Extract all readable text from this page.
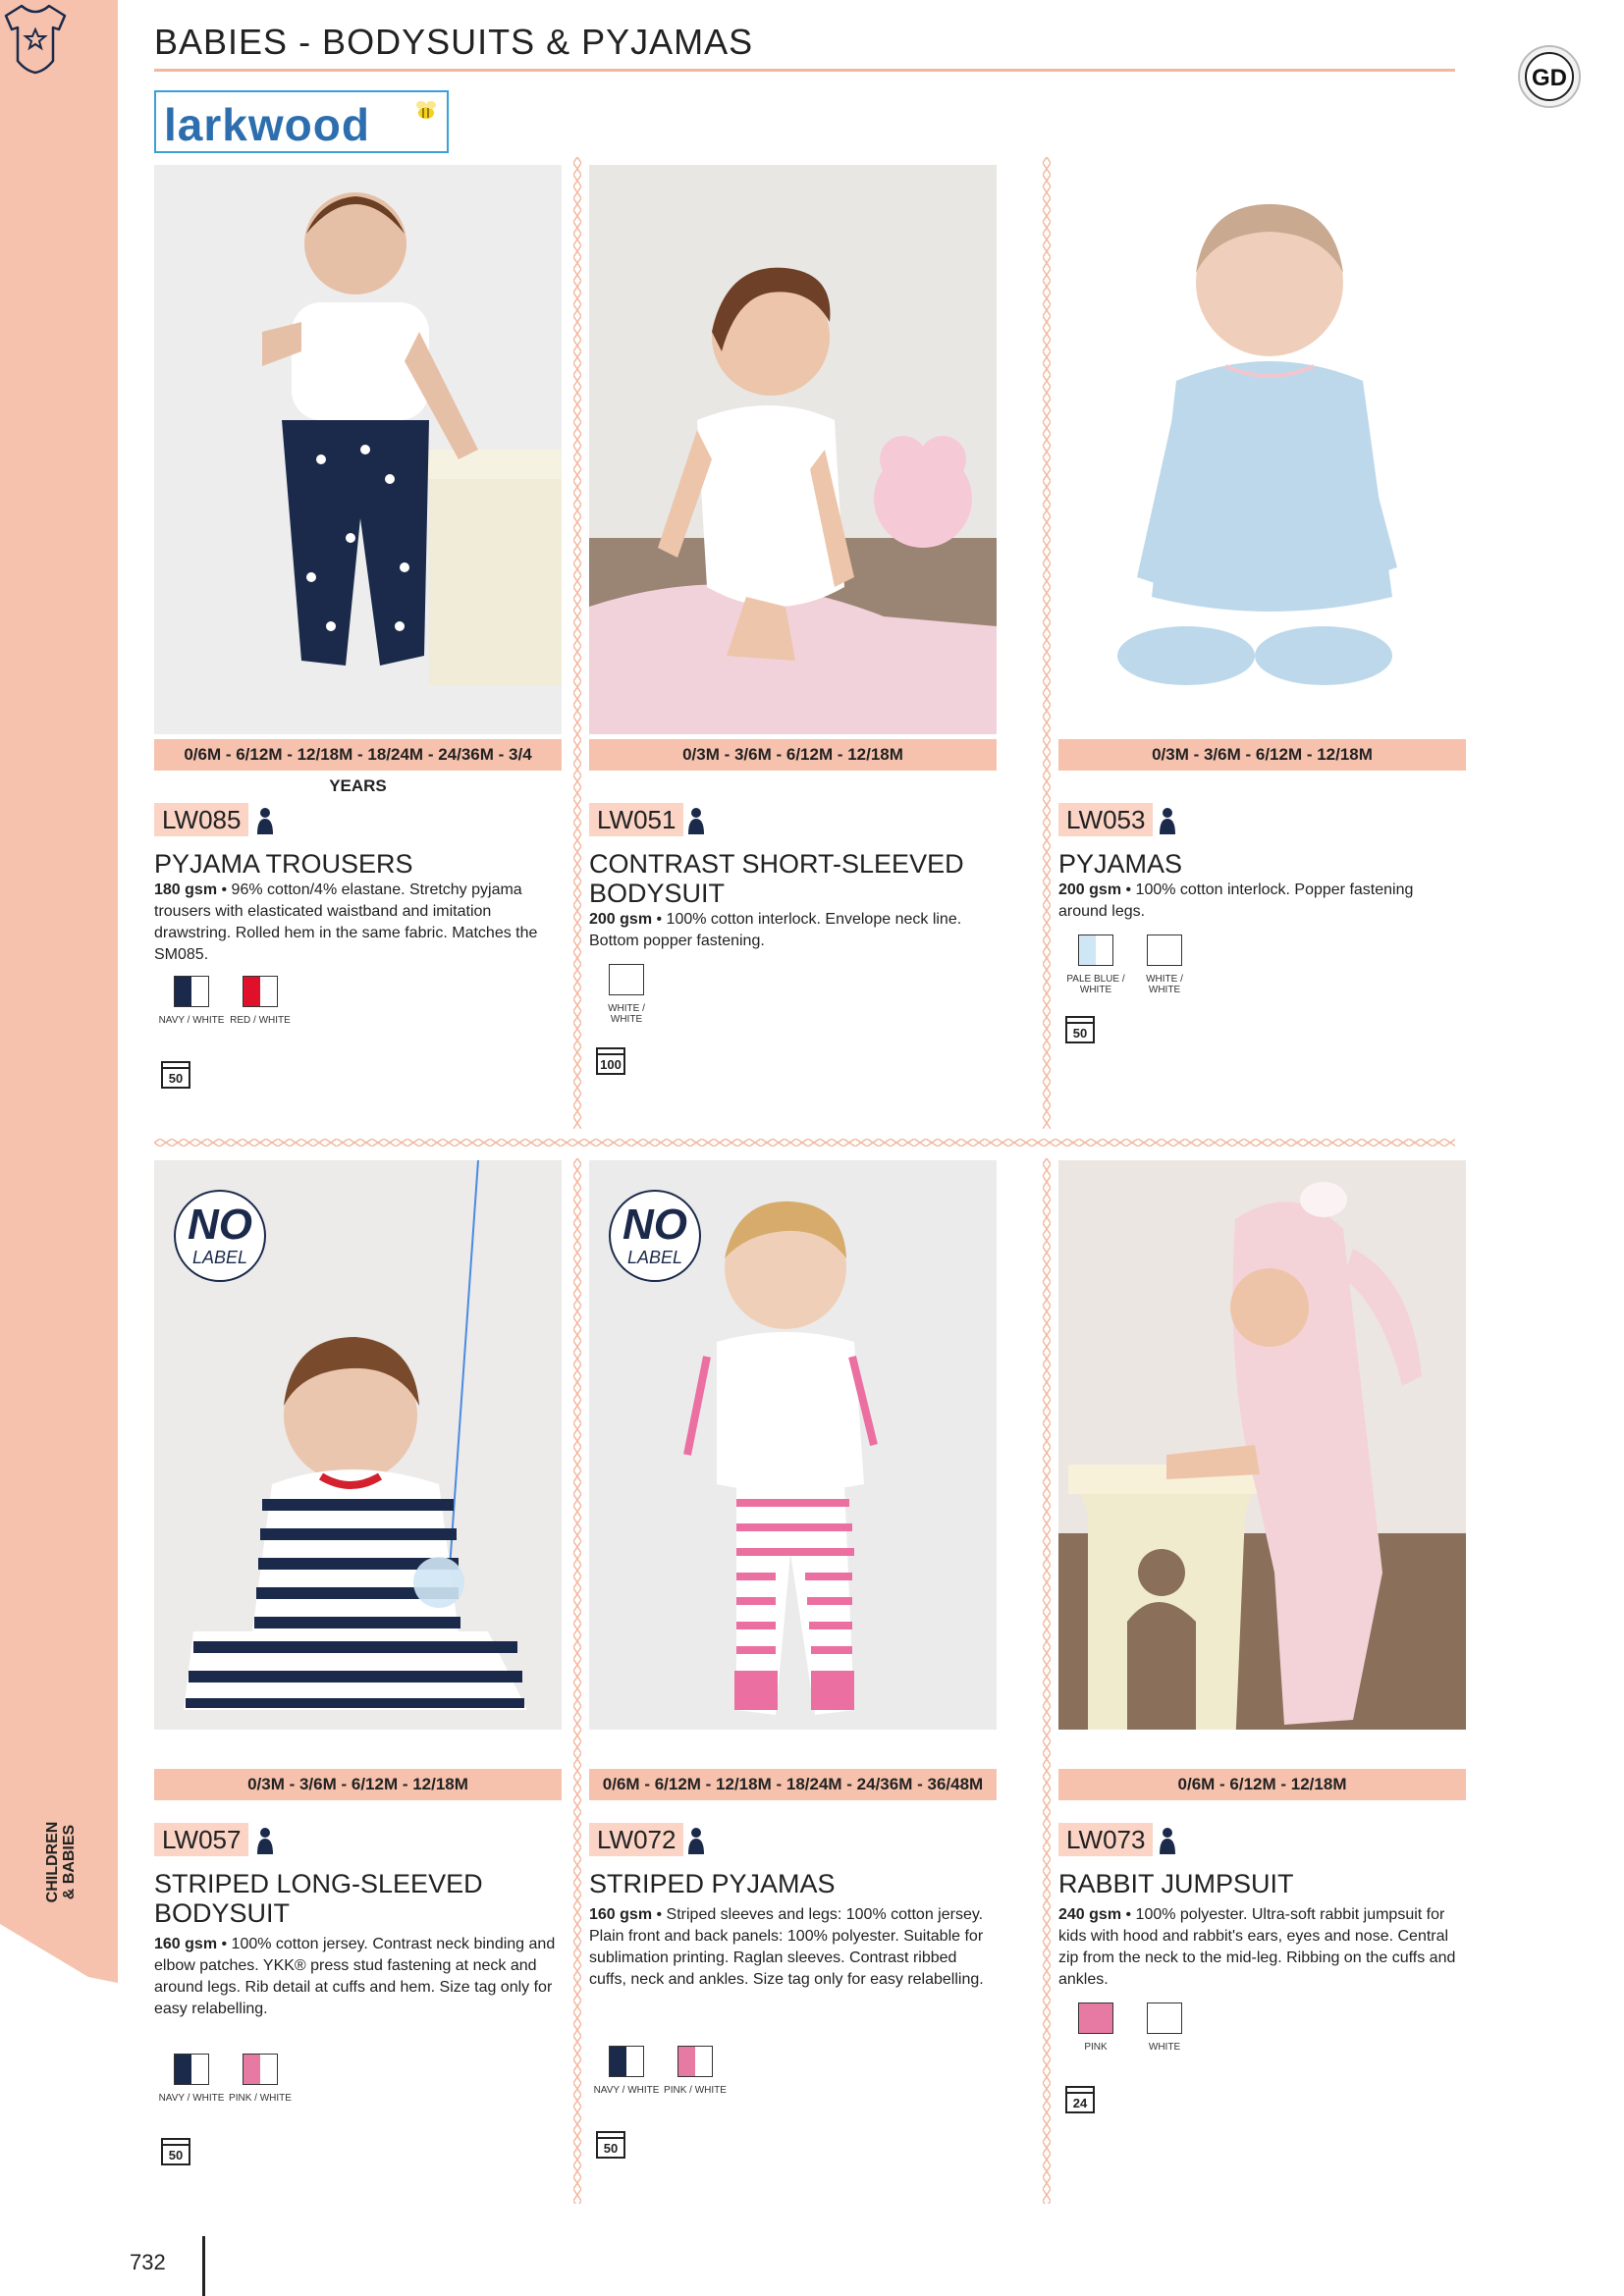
CHILDREN
& BABIES
BABIES - BODYSUITS & PYJAMAS
GD
larkwood
0/6M - 6/12M - 12/18M - 18/24M - 24/36M - 3/4 YEARS
LW085
PYJAMA TROUSERS
180 gsm • 96% cotton/4% elastane. Stretchy pyjama trousers with elasticated waistband and imitation drawstring. Rolled hem in the same fabric. Matches the SM085.
NAVY / WHITE RED / WHITE
50
0/3M - 3/6M - 6/12M - 12/18M
LW051
CONTRAST SHORT-SLEEVED BODYSUIT
200 gsm • 100% cotton interlock. Envelope neck line. Bottom popper fastening.
WHITE / WHITE
100
0/3M - 3/6M - 6/12M - 12/18M
LW053
PYJAMAS
200 gsm • 100% cotton interlock. Popper fastening around legs.
PALE BLUE / WHITE
WHITE / WHITE
50
NO
LABEL
0/3M - 3/6M - 6/12M - 12/18M
LW057
STRIPED LONG-SLEEVED BODYSUIT
160 gsm • 100% cotton jersey. Contrast neck binding and elbow patches. YKK® press stud fastening at neck and around legs. Rib detail at cuffs and hem. Size tag only for easy relabelling.
NAVY / WHITE PINK / WHITE
50
NO
LABEL
0/6M - 6/12M - 12/18M - 18/24M - 24/36M - 36/48M
LW072
STRIPED PYJAMAS
160 gsm • Striped sleeves and legs: 100% cotton jersey. Plain front and back panels: 100% polyester. Suitable for sublimation printing. Raglan sleeves. Contrast ribbed cuffs, neck and ankles. Size tag only for easy relabelling.
NAVY / WHITE PINK / WHITE
50
0/6M - 6/12M - 12/18M
LW073
RABBIT JUMPSUIT
240 gsm • 100% polyester. Ultra-soft rabbit jumpsuit for kids with hood and rabbit's ears, eyes and nose. Central zip from the neck to the mid-leg. Ribbing on the cuffs and ankles.
PINK	WHITE
24
732
